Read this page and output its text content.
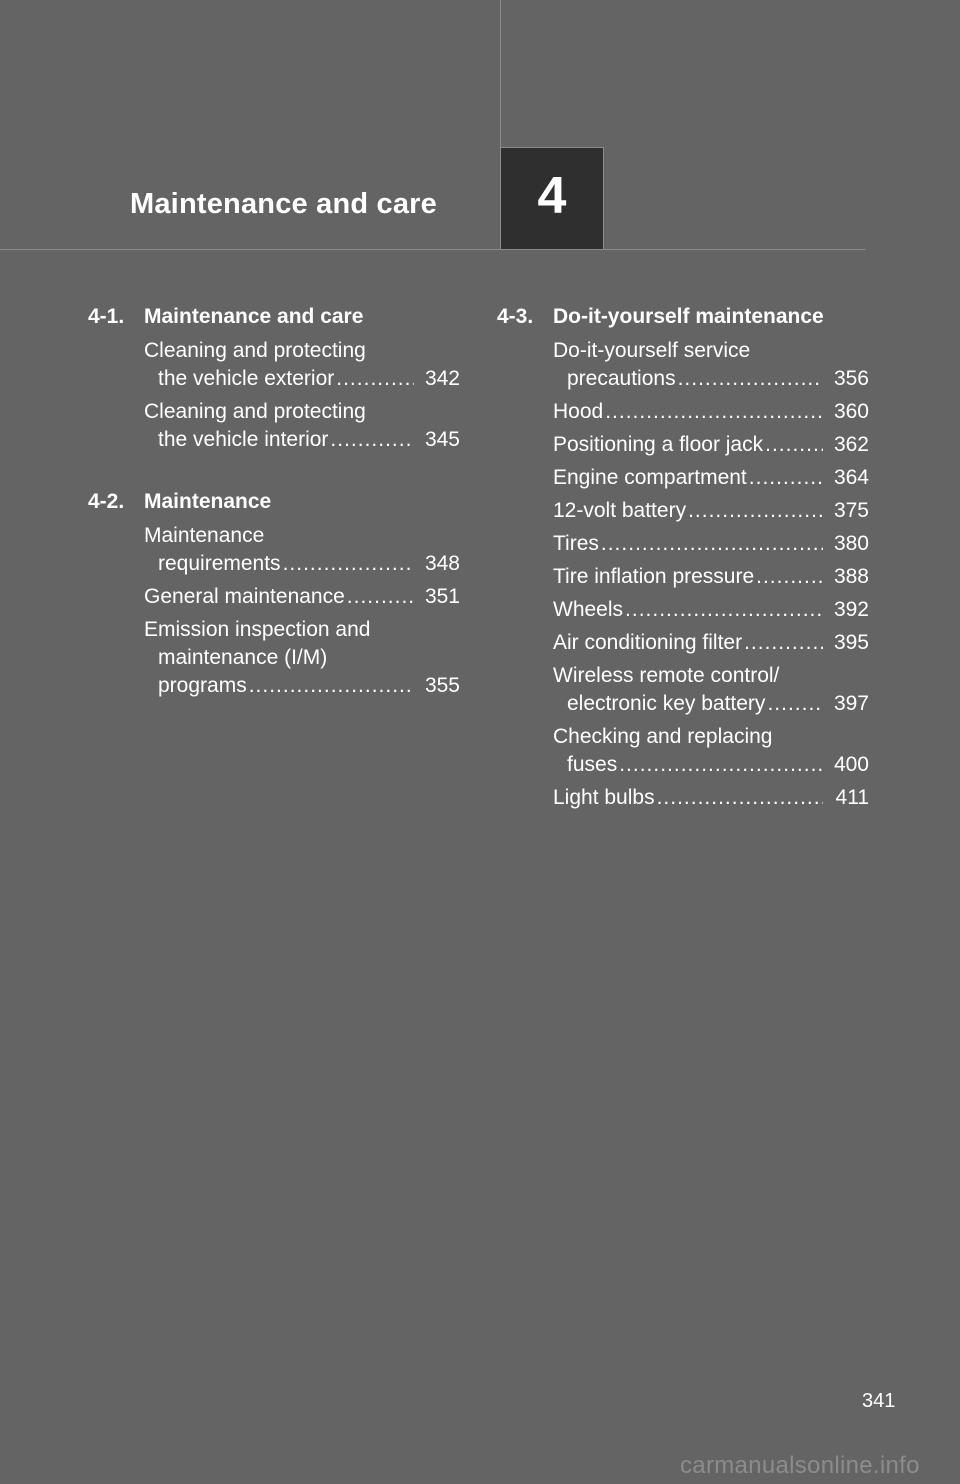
Maintenance and care 4
4-1. Maintenance and care
Cleaning and protecting
the vehicle exterior .....	342
Cleaning and protecting
the vehicle interior .....	345
4-2. Maintenance
Maintenance
requirements .....	348
General maintenance .....	351
Emission inspection and
maintenance (I/M)
programs .....	355
4-3. Do-it-yourself maintenance
Do-it-yourself service
precautions .....	356
Hood .....	360
Positioning a floor jack .....	362
Engine compartment .....	364
12-volt battery .....	375
Tires .....	380
Tire inflation pressure .....	388
Wheels .....	392
Air conditioning filter .....	395
Wireless remote control/
electronic key battery .....	397
Checking and replacing
fuses .....	400
Light bulbs .....	411
341
carmanualsonline.info
